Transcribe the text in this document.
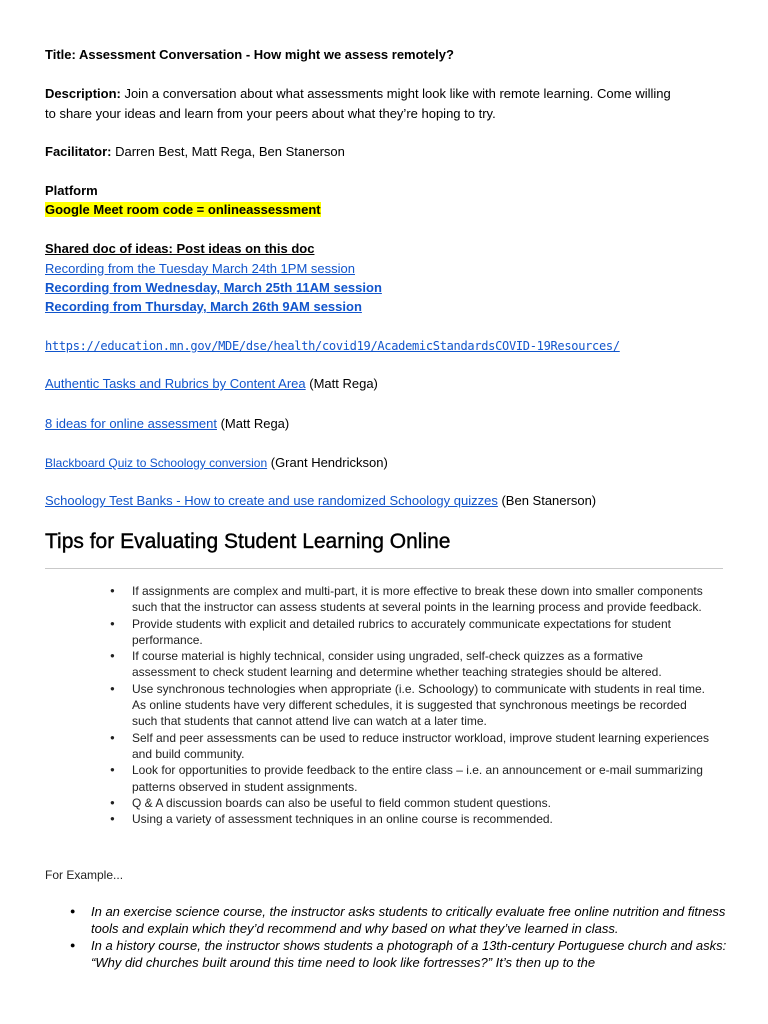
Title: Assessment Conversation - How might we assess remotely?
Description: Join a conversation about what assessments might look like with remote learning. Come willing
to share your ideas and learn from your peers about what they’re hoping to try.
Facilitator: Darren Best, Matt Rega, Ben Stanerson
Platform
Google Meet room code = onlineassessment
Shared doc of ideas: Post ideas on this doc
Recording from the Tuesday March 24th 1PM session
Recording from Wednesday, March 25th 11AM session
Recording from Thursday, March 26th 9AM session
https://education.mn.gov/MDE/dse/health/covid19/AcademicStandardsCOVID-19Resources/
Authentic Tasks and Rubrics by Content Area (Matt Rega)
8 ideas for online assessment (Matt Rega)
Blackboard Quiz to Schoology conversion (Grant Hendrickson)
Schoology Test Banks - How to create and use randomized Schoology quizzes (Ben Stanerson)
Tips for Evaluating Student Learning Online
● If assignments are complex and multi-part, it is more effective to break these down into smaller components such that the instructor can assess students at several points in the learning process and provide feedback.
● Provide students with explicit and detailed rubrics to accurately communicate expectations for student performance.
● If course material is highly technical, consider using ungraded, self-check quizzes as a formative assessment to check student learning and determine whether teaching strategies should be altered.
● Use synchronous technologies when appropriate (i.e. Schoology) to communicate with students in real time. As online students have very different schedules, it is suggested that synchronous meetings be recorded such that students that cannot attend live can watch at a later time.
● Self and peer assessments can be used to reduce instructor workload, improve student learning experiences and build community.
● Look for opportunities to provide feedback to the entire class – i.e. an announcement or e-mail summarizing patterns observed in student assignments.
● Q & A discussion boards can also be useful to field common student questions.
● Using a variety of assessment techniques in an online course is recommended.
For Example...
● In an exercise science course, the instructor asks students to critically evaluate free online nutrition and fitness tools and explain which they’d recommend and why based on what they’ve learned in class.
● In a history course, the instructor shows students a photograph of a 13th-century Portuguese church and asks: “Why did churches built around this time need to look like fortresses?” It’s then up to the
